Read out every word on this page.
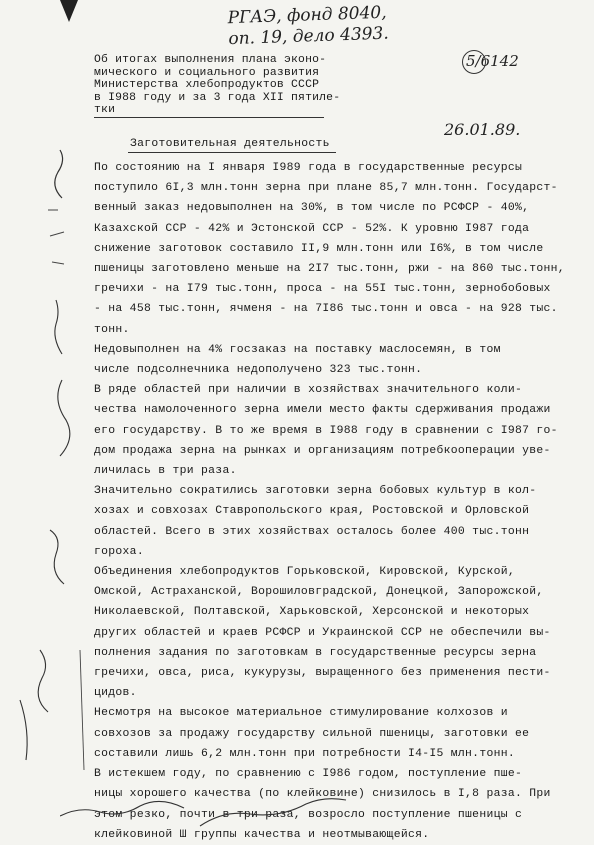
РГАЭ, фонд 8040,
оп. 19, дело 4393.
5/6142
Об итогах выполнения плана эконо-
мического и социального развития
Министерства хлебопродуктов СССР
в I988 году и за 3 года XII пятиле-
тки
26.01.89.
Заготовительная деятельность
По состоянию на I января I989 года в государственные ресурсы
поступило 6I,3 млн.тонн зерна при плане 85,7 млн.тонн. Государст-
венный заказ недовыполнен на 30%, в том числе по РСФСР - 40%,
Казахской ССР - 42% и Эстонской ССР - 52%. К уровню I987 года
снижение заготовок составило II,9 млн.тонн или I6%, в том числе
пшеницы заготовлено меньше на 2I7 тыс.тонн, ржи - на 860 тыс.тонн,
гречихи - на I79 тыс.тонн, проса - на 55I тыс.тонн, зернобобовых
- на 458 тыс.тонн, ячменя - на 7I86 тыс.тонн и овса - на 928 тыс.
тонн.
Недовыполнен на 4% госзаказ на поставку маслосемян, в том
числе подсолнечника недополучено 323 тыс.тонн.
В ряде областей при наличии в хозяйствах значительного коли-
чества намолоченного зерна имели место факты сдерживания продажи
его государству. В то же время в I988 году в сравнении с I987 го-
дом продажа зерна на рынках и организациям потребкооперации уве-
личилась в три раза.
Значительно сократились заготовки зерна бобовых культур в кол-
хозах и совхозах Ставропольского края, Ростовской и Орловской
областей. Всего в этих хозяйствах осталось более 400 тыс.тонн
гороха.
Объединения хлебопродуктов Горьковской, Кировской, Курской,
Омской, Астраханской, Ворошиловградской, Донецкой, Запорожской,
Николаевской, Полтавской, Харьковской, Херсонской и некоторых
других областей и краев РСФСР и Украинской ССР не обеспечили вы-
полнения задания по заготовкам в государственные ресурсы зерна
гречихи, овса, риса, кукурузы, выращенного без применения пести-
цидов.
Несмотря на высокое материальное стимулирование колхозов и
совхозов за продажу государству сильной пшеницы, заготовки ее
составили лишь 6,2 млн.тонн при потребности I4-I5 млн.тонн.
В истекшем году, по сравнению с I986 годом, поступление пше-
ницы хорошего качества (по клейковине) снизилось в I,8 раза. При
этом резко, почти в три раза, возросло поступление пшеницы с
клейковиной Ш группы качества и неотмывающейся.
